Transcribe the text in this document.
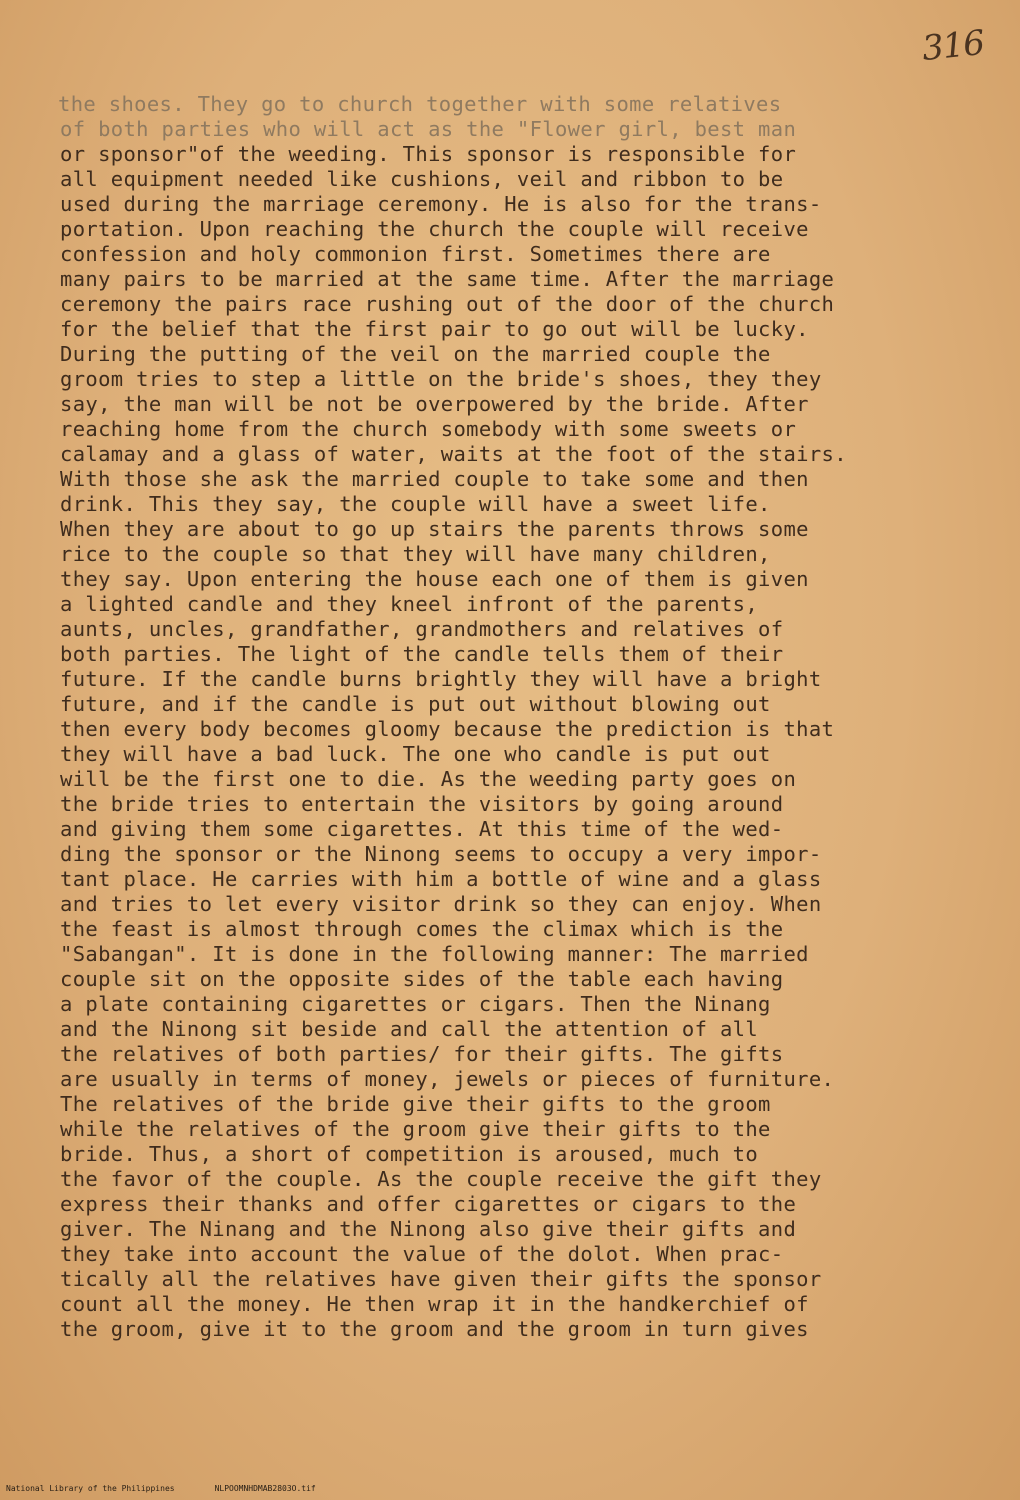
316
the shoes. They go to church together with some relatives
of both parties who will act as the "Flower girl, best man
or sponsor"of the weeding. This sponsor is responsible for
all equipment needed like cushions, veil and ribbon to be
used during the marriage ceremony. He is also for the trans-
portation. Upon reaching the church the couple will receive
confession and holy commonion first. Sometimes there are
many pairs to be married at the same time. After the marriage
ceremony the pairs race rushing out of the door of the church
for the belief that the first pair to go out will be lucky.
During the putting of the veil on the married couple the
groom tries to step a little on the bride's shoes, they they
say, the man will be not be overpowered by the bride. After
reaching home from the church somebody with some sweets or
calamay and a glass of water, waits at the foot of the stairs.
With those she ask the married couple to take some and then
drink. This they say, the couple will have a sweet life.
When they are about to go up stairs the parents throws some
rice to the couple so that they will have many children,
they say. Upon entering the house each one of them is given
a lighted candle and they kneel infront of the parents,
aunts, uncles, grandfather, grandmothers and relatives of
both parties. The light of the candle tells them of their
future. If the candle burns brightly they will have a bright
future, and if the candle is put out without blowing out
then every body becomes gloomy because the prediction is that
they will have a bad luck. The one who candle is put out
will be the first one to die. As the weeding party goes on
the bride tries to entertain the visitors by going around
and giving them some cigarettes. At this time of the wed-
ding the sponsor or the Ninong seems to occupy a very impor-
tant place. He carries with him a bottle of wine and a glass
and tries to let every visitor drink so they can enjoy. When
the feast is almost through comes the climax which is the
"Sabangan". It is done in the following manner: The married
couple sit on the opposite sides of the table each having
a plate containing cigarettes or cigars. Then the Ninang
and the Ninong sit beside and call the attention of all
the relatives of both parties/ for their gifts. The gifts
are usually in terms of money, jewels or pieces of furniture.
The relatives of the bride give their gifts to the groom
while the relatives of the groom give their gifts to the
bride. Thus, a short of competition is aroused, much to
the favor of the couple. As the couple receive the gift they
express their thanks and offer cigarettes or cigars to the
giver. The Ninang and the Ninong also give their gifts and
they take into account the value of the dolot. When prac-
tically all the relatives have given their gifts the sponsor
count all the money. He then wrap it in the handkerchief of
the groom, give it to the groom and the groom in turn gives
National Library of the Philippines	NLPOOMNHDMAB2803O.tif
